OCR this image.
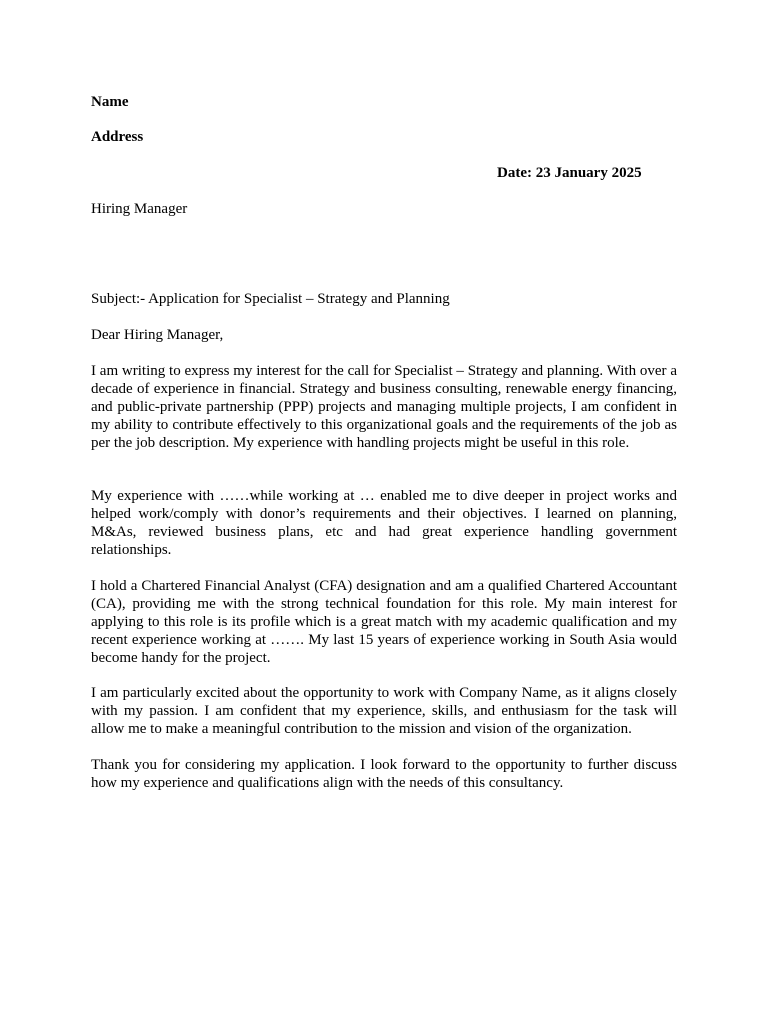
Name
Address
Date: 23 January 2025
Hiring Manager
Subject:- Application for Specialist – Strategy and Planning
Dear Hiring Manager,
I am writing to express my interest for the call for Specialist – Strategy and planning. With over a decade of experience in financial. Strategy and business consulting, renewable energy financing, and public-private partnership (PPP) projects and managing multiple projects, I am confident in my ability to contribute effectively to this organizational goals and the requirements of the job as per the job description. My experience with handling projects might be useful in this role.
My experience with ……while working at … enabled me to dive deeper in project works and helped work/comply with donor’s requirements and their objectives. I learned on planning, M&As, reviewed business plans, etc and had great experience handling government relationships.
I hold a Chartered Financial Analyst (CFA) designation and am a qualified Chartered Accountant (CA), providing me with the strong technical foundation for this role. My main interest for applying to this role is its profile which is a great match with my academic qualification and my recent experience working at ……. My last 15 years of experience working in South Asia would become handy for the project.
I am particularly excited about the opportunity to work with Company Name, as it aligns closely with my passion. I am confident that my experience, skills, and enthusiasm for the task will allow me to make a meaningful contribution to the mission and vision of the organization.
Thank you for considering my application. I look forward to the opportunity to further discuss how my experience and qualifications align with the needs of this consultancy.
